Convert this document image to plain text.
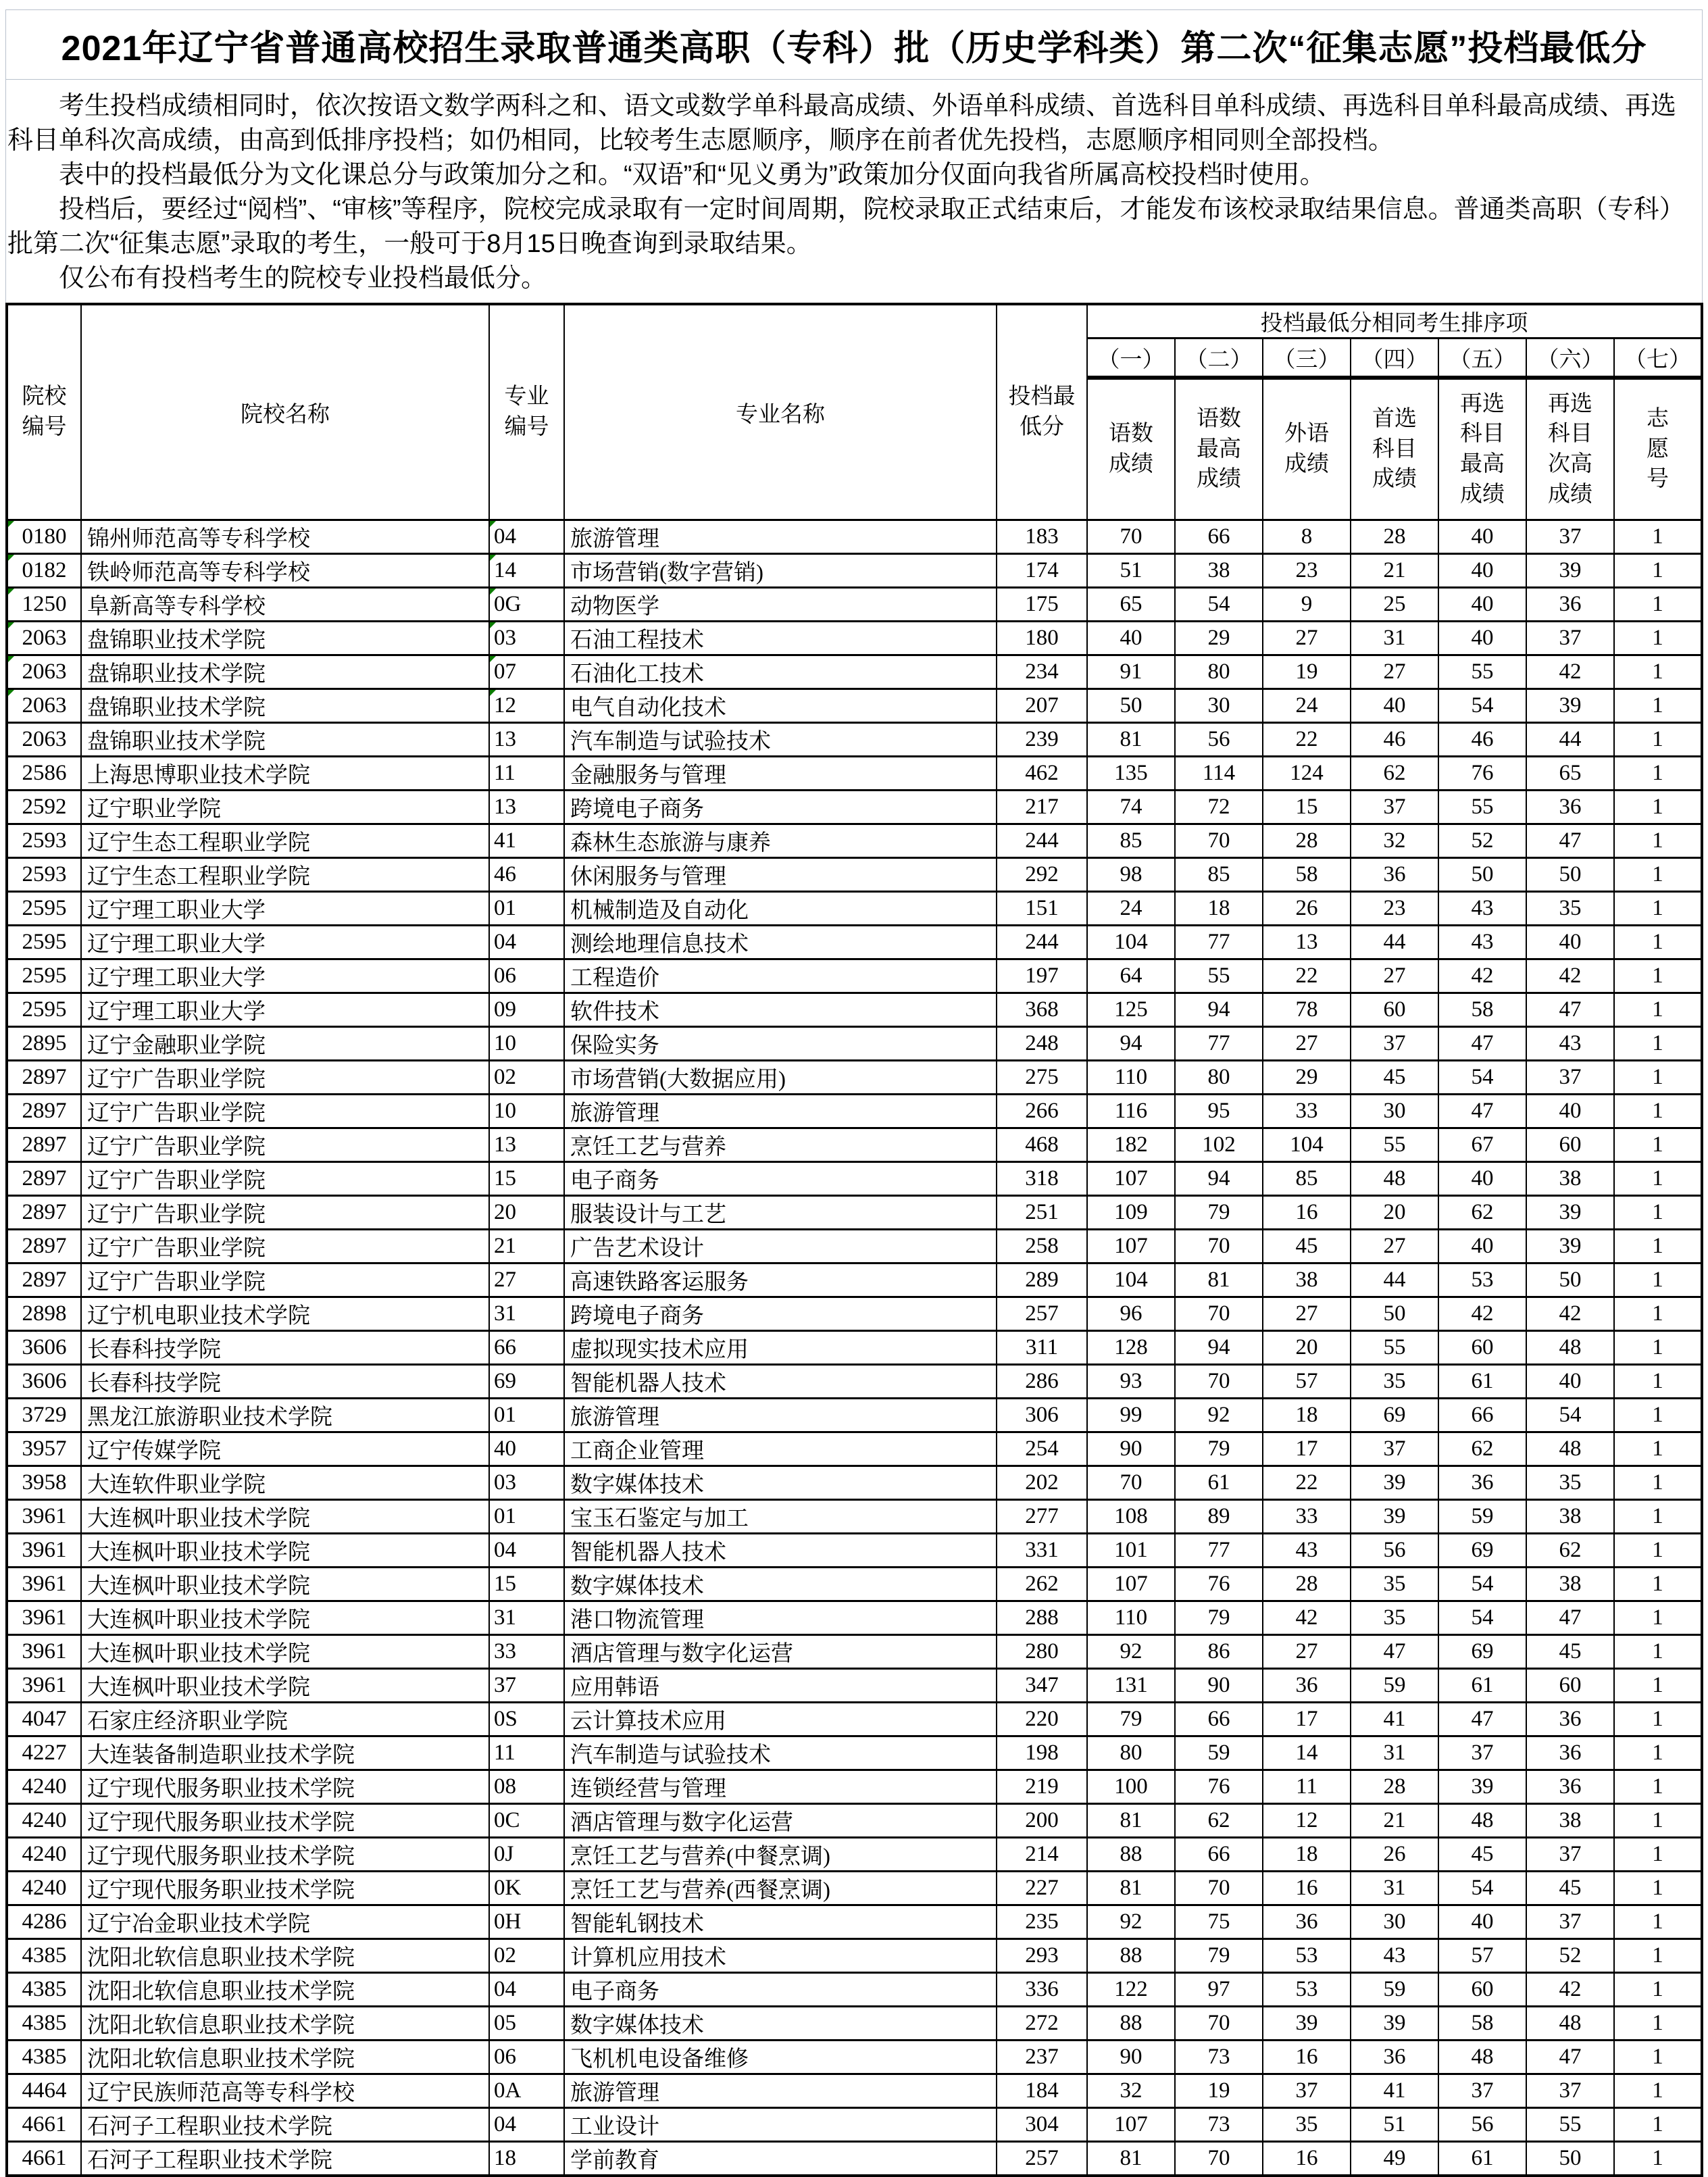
2021年辽宁省普通高校招生录取普通类高职（专科）批（历史学科类）第二次“征集志愿”投档最低分

考生投档成绩相同时，依次按语文数学两科之和、语文或数学单科最高成绩、外语单科成绩、首选科目单科成绩、再选科目单科最高成绩、再选科目单科次高成绩，由高到低排序投档；如仍相同，比较考生志愿顺序，顺序在前者优先投档，志愿顺序相同则全部投档。

表中的投档最低分为文化课总分与政策加分之和。“双语”和“见义勇为”政策加分仅面向我省所属高校投档时使用。

投档后，要经过“阅档”、“审核”等程序，院校完成录取有一定时间周期，院校录取正式结束后，才能发布该校录取结果信息。普通类高职（专科）批第二次“征集志愿”录取的考生，一般可于8月15日晚查询到录取结果。

仅公布有投档考生的院校专业投档最低分。

院校编号	院校名称	专业编号	专业名称	投档最低分	投档最低分相同考生排序项						
					（一）	（二）	（三）	（四）	（五）	（六）	（七）
					语数成绩	语数最高成绩	外语成绩	首选科目成绩	再选科目最高成绩	再选科目次高成绩	志愿号

0180	锦州师范高等专科学校	04	旅游管理	183	70	66	8	28	40	37	1

0182	铁岭师范高等专科学校	14	市场营销(数字营销)	174	51	38	23	21	40	39	1

1250	阜新高等专科学校	0G	动物医学	175	65	54	9	25	40	36	1

2063	盘锦职业技术学院	03	石油工程技术	180	40	29	27	31	40	37	1

2063	盘锦职业技术学院	07	石油化工技术	234	91	80	19	27	55	42	1

2063	盘锦职业技术学院	12	电气自动化技术	207	50	30	24	40	54	39	1
2063	盘锦职业技术学院	13	汽车制造与试验技术	239	81	56	22	46	46	44	1
2586	上海思博职业技术学院	11	金融服务与管理	462	135	114	124	62	76	65	1
2592	辽宁职业学院	13	跨境电子商务	217	74	72	15	37	55	36	1
2593	辽宁生态工程职业学院	41	森林生态旅游与康养	244	85	70	28	32	52	47	1
2593	辽宁生态工程职业学院	46	休闲服务与管理	292	98	85	58	36	50	50	1
2595	辽宁理工职业大学	01	机械制造及自动化	151	24	18	26	23	43	35	1
2595	辽宁理工职业大学	04	测绘地理信息技术	244	104	77	13	44	43	40	1
2595	辽宁理工职业大学	06	工程造价	197	64	55	22	27	42	42	1
2595	辽宁理工职业大学	09	软件技术	368	125	94	78	60	58	47	1
2895	辽宁金融职业学院	10	保险实务	248	94	77	27	37	47	43	1
2897	辽宁广告职业学院	02	市场营销(大数据应用)	275	110	80	29	45	54	37	1
2897	辽宁广告职业学院	10	旅游管理	266	116	95	33	30	47	40	1
2897	辽宁广告职业学院	13	烹饪工艺与营养	468	182	102	104	55	67	60	1
2897	辽宁广告职业学院	15	电子商务	318	107	94	85	48	40	38	1
2897	辽宁广告职业学院	20	服装设计与工艺	251	109	79	16	20	62	39	1
2897	辽宁广告职业学院	21	广告艺术设计	258	107	70	45	27	40	39	1
2897	辽宁广告职业学院	27	高速铁路客运服务	289	104	81	38	44	53	50	1
2898	辽宁机电职业技术学院	31	跨境电子商务	257	96	70	27	50	42	42	1
3606	长春科技学院	66	虚拟现实技术应用	311	128	94	20	55	60	48	1
3606	长春科技学院	69	智能机器人技术	286	93	70	57	35	61	40	1
3729	黑龙江旅游职业技术学院	01	旅游管理	306	99	92	18	69	66	54	1
3957	辽宁传媒学院	40	工商企业管理	254	90	79	17	37	62	48	1
3958	大连软件职业学院	03	数字媒体技术	202	70	61	22	39	36	35	1
3961	大连枫叶职业技术学院	01	宝玉石鉴定与加工	277	108	89	33	39	59	38	1
3961	大连枫叶职业技术学院	04	智能机器人技术	331	101	77	43	56	69	62	1
3961	大连枫叶职业技术学院	15	数字媒体技术	262	107	76	28	35	54	38	1
3961	大连枫叶职业技术学院	31	港口物流管理	288	110	79	42	35	54	47	1
3961	大连枫叶职业技术学院	33	酒店管理与数字化运营	280	92	86	27	47	69	45	1
3961	大连枫叶职业技术学院	37	应用韩语	347	131	90	36	59	61	60	1
4047	石家庄经济职业学院	0S	云计算技术应用	220	79	66	17	41	47	36	1
4227	大连装备制造职业技术学院	11	汽车制造与试验技术	198	80	59	14	31	37	36	1
4240	辽宁现代服务职业技术学院	08	连锁经营与管理	219	100	76	11	28	39	36	1
4240	辽宁现代服务职业技术学院	0C	酒店管理与数字化运营	200	81	62	12	21	48	38	1
4240	辽宁现代服务职业技术学院	0J	烹饪工艺与营养(中餐烹调)	214	88	66	18	26	45	37	1
4240	辽宁现代服务职业技术学院	0K	烹饪工艺与营养(西餐烹调)	227	81	70	16	31	54	45	1
4286	辽宁冶金职业技术学院	0H	智能轧钢技术	235	92	75	36	30	40	37	1
4385	沈阳北软信息职业技术学院	02	计算机应用技术	293	88	79	53	43	57	52	1
4385	沈阳北软信息职业技术学院	04	电子商务	336	122	97	53	59	60	42	1
4385	沈阳北软信息职业技术学院	05	数字媒体技术	272	88	70	39	39	58	48	1
4385	沈阳北软信息职业技术学院	06	飞机机电设备维修	237	90	73	16	36	48	47	1
4464	辽宁民族师范高等专科学校	0A	旅游管理	184	32	19	37	41	37	37	1
4661	石河子工程职业技术学院	04	工业设计	304	107	73	35	51	56	55	1
4661	石河子工程职业技术学院	18	学前教育	257	81	70	16	49	61	50	1
